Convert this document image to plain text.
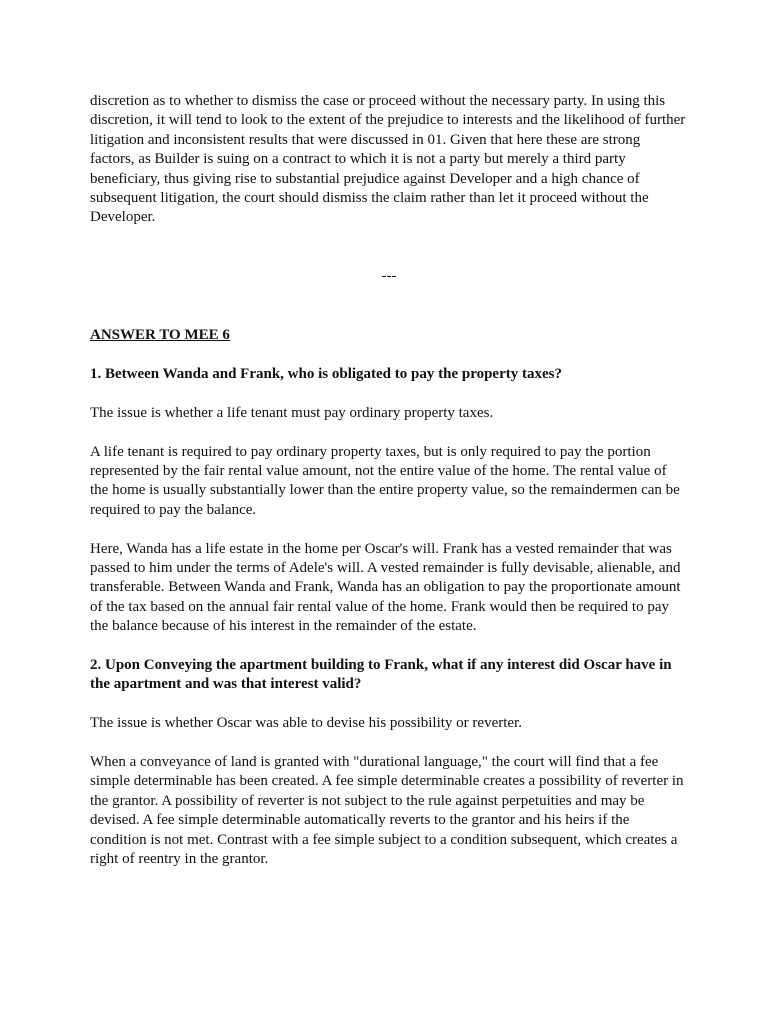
discretion as to whether to dismiss the case or proceed without the necessary party. In using this discretion, it will tend to look to the extent of the prejudice to interests and the likelihood of further litigation and inconsistent results that were discussed in 01. Given that here these are strong factors, as Builder is suing on a contract to which it is not a party but merely a third party beneficiary, thus giving rise to substantial prejudice against Developer and a high chance of subsequent litigation, the court should dismiss the claim rather than let it proceed without the Developer.

---

ANSWER TO MEE 6

1. Between Wanda and Frank, who is obligated to pay the property taxes?

The issue is whether a life tenant must pay ordinary property taxes.

A life tenant is required to pay ordinary property taxes, but is only required to pay the portion represented by the fair rental value amount, not the entire value of the home. The rental value of the home is usually substantially lower than the entire property value, so the remaindermen can be required to pay the balance.

Here, Wanda has a life estate in the home per Oscar's will. Frank has a vested remainder that was passed to him under the terms of Adele's will. A vested remainder is fully devisable, alienable, and transferable. Between Wanda and Frank, Wanda has an obligation to pay the proportionate amount of the tax based on the annual fair rental value of the home. Frank would then be required to pay the balance because of his interest in the remainder of the estate.

2. Upon Conveying the apartment building to Frank, what if any interest did Oscar have in the apartment and was that interest valid?

The issue is whether Oscar was able to devise his possibility or reverter.

When a conveyance of land is granted with "durational language," the court will find that a fee simple determinable has been created. A fee simple determinable creates a possibility of reverter in the grantor. A possibility of reverter is not subject to the rule against perpetuities and may be devised. A fee simple determinable automatically reverts to the grantor and his heirs if the condition is not met. Contrast with a fee simple subject to a condition subsequent, which creates a right of reentry in the grantor.
